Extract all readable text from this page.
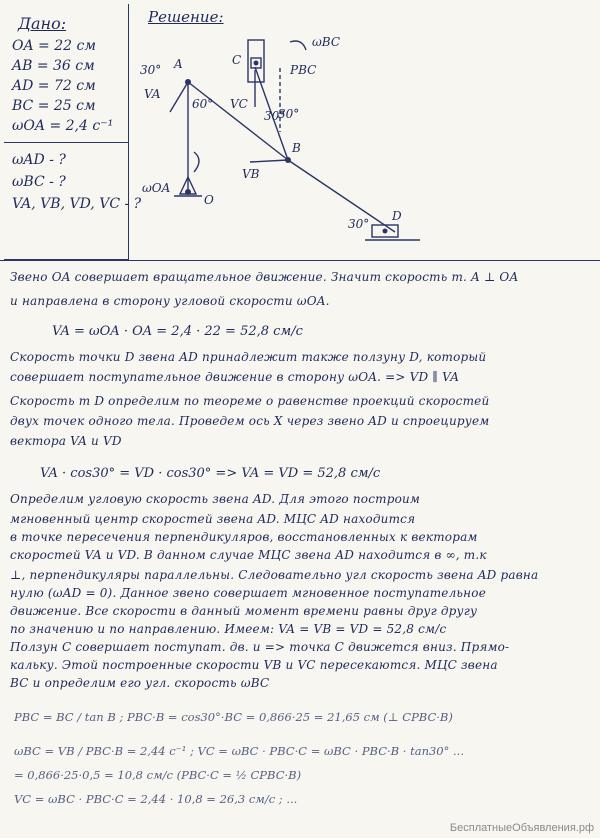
Дано:
OA = 22 см
AB = 36 см
AD = 72 см
BC = 25 см
ωOA = 2,4 с⁻¹
ωAD - ?
ωBC - ?
VA, VB, VD, VC - ?
Решение:
A
B
C
D
O
VA
VB
VC
PBC
ωBC
ωOA
30°
60°
30°
30°
30°
Звено OA совершает вращательное движение. Значит скорость т. A ⊥ OA
и направлена в сторону угловой скорости ωOA.
VA = ωOA · OA = 2,4 · 22 = 52,8 см/с
Скорость точки D звена AD принадлежит также ползуну D, который
совершает поступательное движение в сторону ωOA. => VD ∥ VA
Скорость т D определим по теореме о равенстве проекций скоростей
двух точек одного тела. Проведем ось X через звено AD и спроецируем
вектора VA и VD
VA · cos30° = VD · cos30° => VA = VD = 52,8 см/с
Определим угловую скорость звена AD. Для этого построим
мгновенный центр скоростей звена AD. МЦС AD находится
в точке пересечения перпендикуляров, восстановленных к векторам
скоростей VA и VD. В данном случае МЦС звена AD находится в ∞, т.к
⊥, перпендикуляры параллельны. Следовательно угл скорость звена AD равна
нулю (ωAD = 0). Данное звено совершает мгновенное поступательное
движение. Все скорости в данный момент времени равны друг другу
по значению и по направлению. Имеем: VA = VB = VD = 52,8 см/с
Ползун C совершает поступат. дв. и => точка C движется вниз. Прямо-
кальку. Этой построенные скорости VB и VC пересекаются. МЦС звена
BC и определим его угл. скорость ωBC
PBC = BC / tan B ; PBC·B = cos30°·BC = 0,866·25 = 21,65 см (⊥ CPBC·B)
ωBC = VB / PBC·B = 2,44 с⁻¹ ; VC = ωBC · PBC·C = ωBC · PBC·B · tan30° ...
= 0,866·25·0,5 = 10,8 см/с (PBC·C = ½ CPBC·B)
VC = ωBC · PBC·C = 2,44 · 10,8 = 26,3 см/с ; ...
БесплатныеОбъявления.рф
